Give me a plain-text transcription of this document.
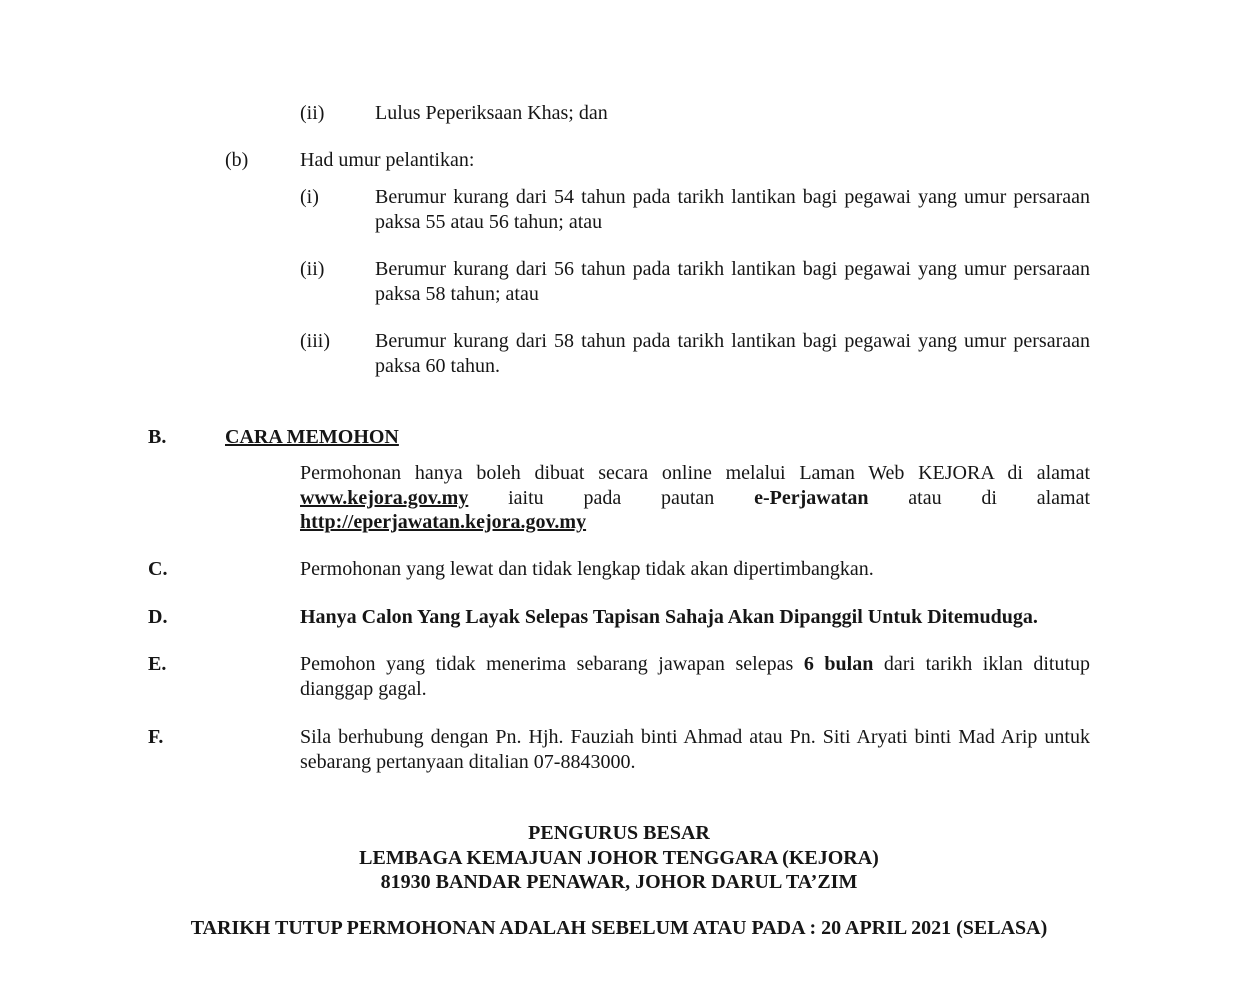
(ii)	Lulus Peperiksaan Khas; dan
(b)	Had umur pelantikan:
(i)	Berumur kurang dari 54 tahun pada tarikh lantikan bagi pegawai yang umur persaraan
paksa 55 atau 56 tahun; atau
(ii)	Berumur kurang dari 56 tahun pada tarikh lantikan bagi pegawai yang umur persaraan
paksa 58 tahun; atau
(iii)	Berumur kurang dari 58 tahun pada tarikh lantikan bagi pegawai yang umur persaraan
paksa 60 tahun.
B.	CARA MEMOHON
Permohonan hanya boleh dibuat secara online melalui Laman Web KEJORA di alamat
www.kejora.gov.my iaitu pada pautan e-Perjawatan atau di alamat
http://eperjawatan.kejora.gov.my
C.	Permohonan yang lewat dan tidak lengkap tidak akan dipertimbangkan.
D.	Hanya Calon Yang Layak Selepas Tapisan Sahaja Akan Dipanggil Untuk Ditemuduga.
E.	Pemohon yang tidak menerima sebarang jawapan selepas 6 bulan dari tarikh iklan ditutup
dianggap gagal.
F.	Sila berhubung dengan Pn. Hjh. Fauziah binti Ahmad atau Pn. Siti Aryati binti Mad Arip untuk
sebarang pertanyaan ditalian 07-8843000.
PENGURUS BESAR
LEMBAGA KEMAJUAN JOHOR TENGGARA (KEJORA)
81930 BANDAR PENAWAR, JOHOR DARUL TA’ZIM
TARIKH TUTUP PERMOHONAN ADALAH SEBELUM ATAU PADA : 20 APRIL 2021 (SELASA)
